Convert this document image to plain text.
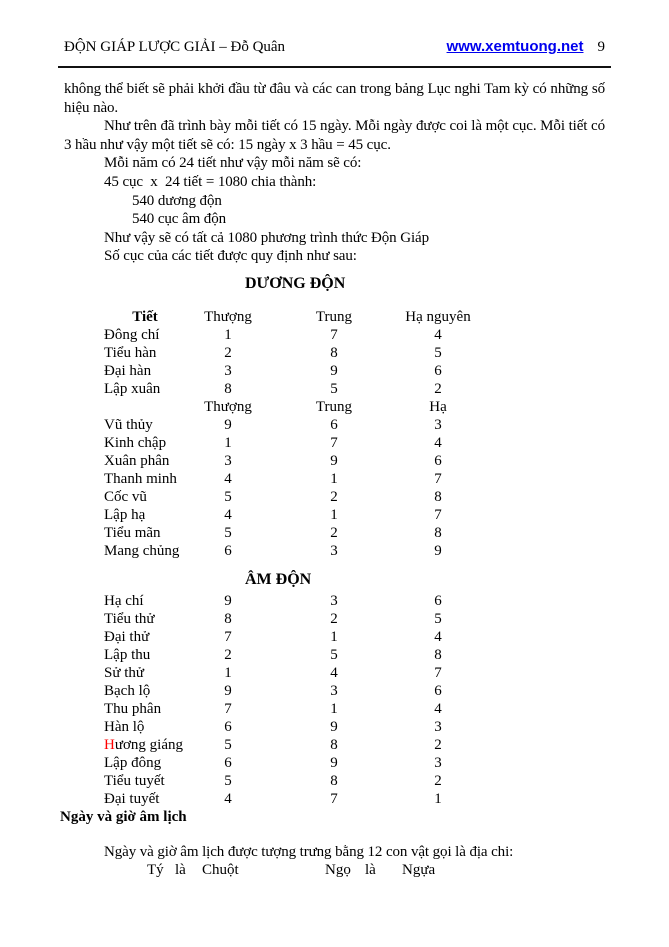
ĐỘN GIÁP LƯỢC GIẢI – Đỗ Quân	www.xemtuong.net 9

không thể biết sẽ phải khởi đầu từ đâu và các can trong bảng Lục nghi Tam kỳ có những số hiệu nào.

Như trên đã trình bày mỗi tiết có 15 ngày. Mỗi ngày được coi là một cục. Mỗi tiết có 3 hầu như vậy một tiết sẽ có: 15 ngày x 3 hầu = 45 cục.

Mỗi năm có 24 tiết như vậy mỗi năm sẽ có:

45 cục  x  24 tiết = 1080 chia thành:

540 dương độn

540 cục âm độn

Như vậy sẽ có tất cả 1080 phương trình thức Độn Giáp

Số cục của các tiết được quy định như sau:

DƯƠNG ĐỘN
Tiết	Thượng	Trung	Hạ nguyên
Đông chí	1	7	4
Tiểu hàn	2	8	5
Đại hàn	3	9	6
Lập xuân	8	5	2
	Thượng	Trung	Hạ
Vũ thủy	9	6	3
Kinh chập	1	7	4
Xuân phân	3	9	6
Thanh minh	4	1	7
Cốc vũ	5	2	8
Lập hạ	4	1	7
Tiểu mãn	5	2	8
Mang chủng	6	3	9
ÂM ĐỘN
Hạ chí	9	3	6
Tiểu thử	8	2	5
Đại thử	7	1	4
Lập thu	2	5	8
Sử thử	1	4	7
Bạch lộ	9	3	6
Thu phân	7	1	4
Hàn lộ	6	9	3
Hương giáng	5	8	2
Lập đông	6	9	3
Tiểu tuyết	5	8	2
Đại tuyết	4	7	1
Ngày và giờ âm lịch

Ngày và giờ âm lịch được tượng trưng bằng 12 con vật gọi là địa chi:

Tý là Chuột	Ngọ là Ngựa
